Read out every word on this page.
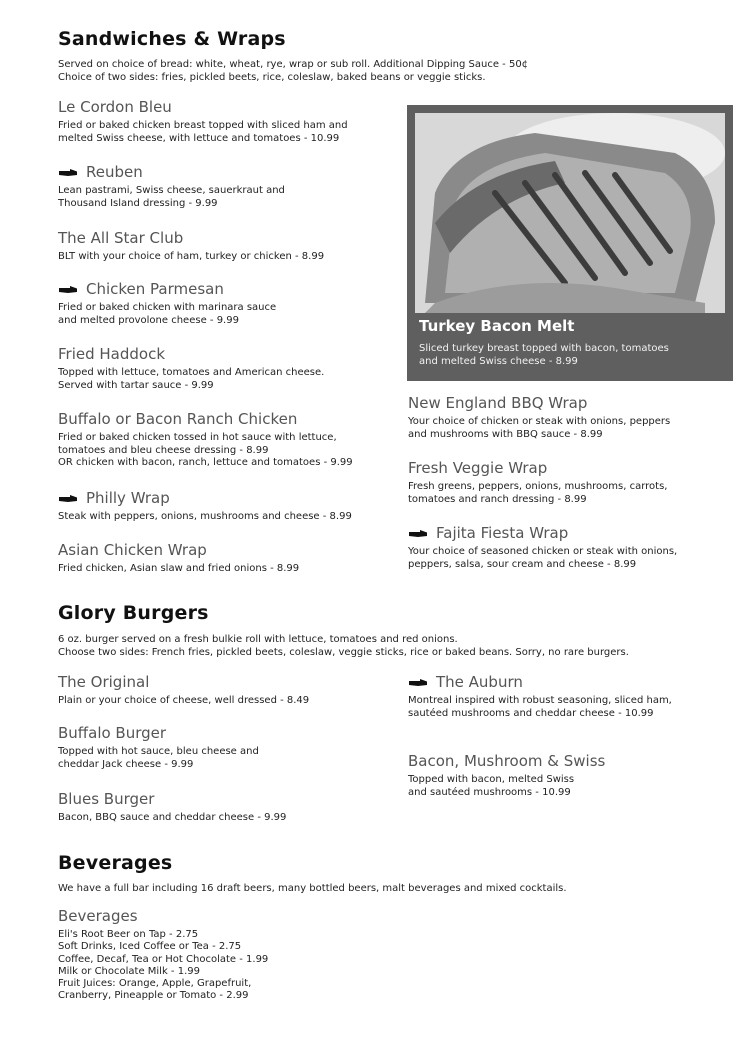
Sandwiches & Wraps
Served on choice of bread: white, wheat, rye, wrap or sub roll. Additional Dipping Sauce - 50¢
Choice of two sides: fries, pickled beets, rice, coleslaw, baked beans or veggie sticks.
Le Cordon Bleu
Fried or baked chicken breast topped with sliced ham and
melted Swiss cheese, with lettuce and tomatoes - 10.99
Reuben
Lean pastrami, Swiss cheese, sauerkraut and
Thousand Island dressing - 9.99
The All Star Club
BLT with your choice of ham, turkey or chicken - 8.99
Chicken Parmesan
Fried or baked chicken with marinara sauce
and melted provolone cheese - 9.99
Fried Haddock
Topped with lettuce, tomatoes and American cheese.
Served with tartar sauce - 9.99
Buffalo or Bacon Ranch Chicken
Fried or baked chicken tossed in hot sauce with lettuce,
tomatoes and bleu cheese dressing - 8.99
OR chicken with bacon, ranch, lettuce and tomatoes - 9.99
Philly Wrap
Steak with peppers, onions, mushrooms and cheese - 8.99
Asian Chicken Wrap
Fried chicken, Asian slaw and fried onions - 8.99
Turkey Bacon Melt
Sliced turkey breast topped with bacon, tomatoes
and melted Swiss cheese - 8.99
New England BBQ Wrap
Your choice of chicken or steak with onions, peppers
and mushrooms with BBQ sauce - 8.99
Fresh Veggie Wrap
Fresh greens, peppers, onions, mushrooms, carrots,
tomatoes and ranch dressing - 8.99
Fajita Fiesta Wrap
Your choice of seasoned chicken or steak with onions,
peppers, salsa, sour cream and cheese - 8.99
Glory Burgers
6 oz. burger served on a fresh bulkie roll with lettuce, tomatoes and red onions.
Choose two sides: French fries, pickled beets, coleslaw, veggie sticks, rice or baked beans. Sorry, no rare burgers.
The Original
Plain or your choice of cheese, well dressed - 8.49
Buffalo Burger
Topped with hot sauce, bleu cheese and
cheddar Jack cheese - 9.99
Blues Burger
Bacon, BBQ sauce and cheddar cheese - 9.99
The Auburn
Montreal inspired with robust seasoning, sliced ham,
sautéed mushrooms and cheddar cheese - 10.99
Bacon, Mushroom & Swiss
Topped with bacon, melted Swiss
and sautéed mushrooms - 10.99
Beverages
We have a full bar including 16 draft beers, many bottled beers, malt beverages and mixed cocktails.
Beverages
Eli's Root Beer on Tap - 2.75
Soft Drinks, Iced Coffee or Tea - 2.75
Coffee, Decaf, Tea or Hot Chocolate - 1.99
Milk or Chocolate Milk - 1.99
Fruit Juices: Orange, Apple, Grapefruit,
Cranberry, Pineapple or Tomato - 2.99
